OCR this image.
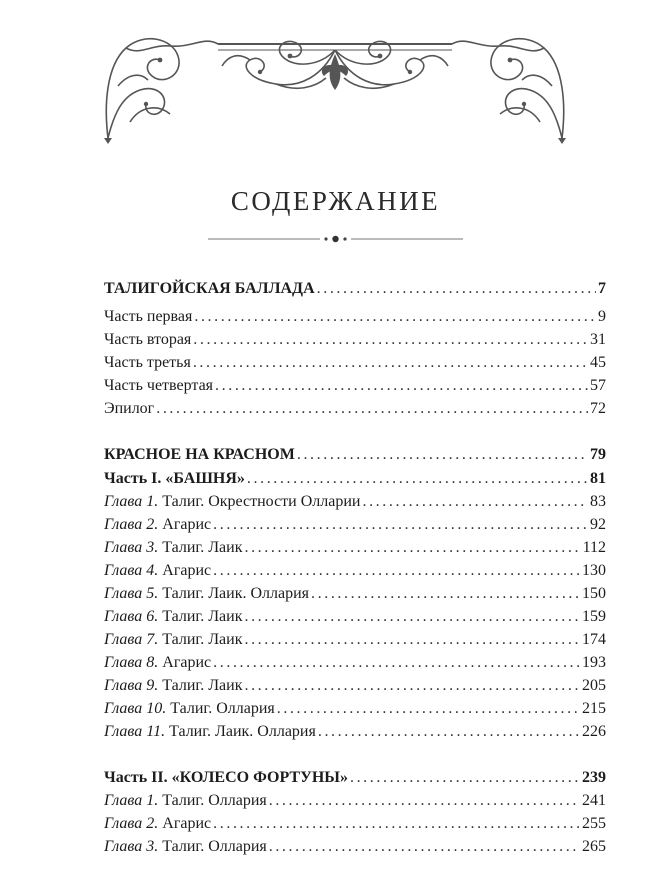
СОДЕРЖАНИЕ
ТАЛИГОЙСКАЯ БАЛЛАДА .....	7
Часть первая .....	9
Часть вторая .....	31
Часть третья .....	45
Часть четвертая .....	57
Эпилог .....	72
КРАСНОЕ НА КРАСНОМ .....	79
Часть I. «БАШНЯ» .....	81
Глава 1. Талиг. Окрестности Олларии .....	83
Глава 2. Агарис .....	92
Глава 3. Талиг. Лаик .....	112
Глава 4. Агарис .....	130
Глава 5. Талиг. Лаик. Оллария .....	150
Глава 6. Талиг. Лаик .....	159
Глава 7. Талиг. Лаик .....	174
Глава 8. Агарис .....	193
Глава 9. Талиг. Лаик .....	205
Глава 10. Талиг. Оллария .....	215
Глава 11. Талиг. Лаик. Оллария .....	226
Часть II. «КОЛЕСО ФОРТУНЫ» .....	239
Глава 1. Талиг. Оллария .....	241
Глава 2. Агарис .....	255
Глава 3. Талиг. Оллария .....	265
